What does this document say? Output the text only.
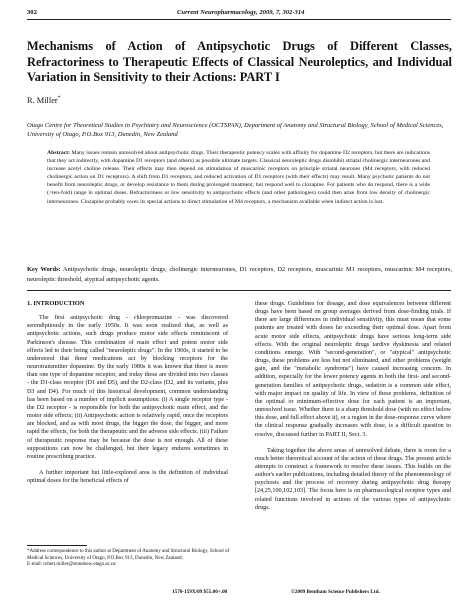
302	Current Neuropharmacology, 2009, 7, 302-314
Mechanisms of Action of Antipsychotic Drugs of Different Classes, Refractoriness to Therapeutic Effects of Classical Neuroleptics, and Individual Variation in Sensitivity to their Actions: PART I
R. Miller*
Otago Centre for Theoretical Studies in Psychiatry and Neuroscience (OCTSPAN), Department of Anatomy and Structural Biology, School of Medical Sciences, University of Otago, P.O.Box 913, Dunedin, New Zealand
Abstract: Many issues remain unresolved about antipsychotic drugs. Their therapeutic potency scales with affinity for dopamine D2 receptors, but there are indications that they act indirectly, with dopamine D1 receptors (and others) as possible ultimate targets. Classical neuroleptic drugs disinhibit striatal cholinergic interneurones and increase acetyl choline release. Their effects may then depend on stimulation of muscarinic receptors on principle striatal neurones (M4 receptors, with reduced cholinergic action on D1 receptors). A shift from D1 receptors, and reduced activation of D1 receptors (with their effects) may result. Many psychotic patients do not benefit from neuroleptic drugs, or develop resistance to them during prolonged treatment, but respond well to clozapine. For patients who do respond, there is a wide (>ten-fold) range in optimal doses. Refractoriness or low sensitivity to antipsychotic effects (and other pathologies) could then arise from low density of cholinergic interneurones. Clozapine probably owes its special actions to direct stimulation of M4 receptors, a mechanism available when indirect action is lost.
Key Words: Antipsychotic drugs, neuroleptic drugs, cholinergic interneurones, D1 receptors, D2 receptors, muscarinic M1 receptors, muscarinic M4 receptors, neuroleptic threshold, atypical antipsychotic agents.
1. INTRODUCTION

The first antipsychotic drug - chlorpromazine - was discovered serendipitously in the early 1950s. It was soon realized that, as well as antipsychotic actions, such drugs produce motor side effects reminiscent of Parkinson's disease. This combination of main effect and potent motor side effects led to their being called "neuroleptic drugs". In the 1960s, it started to be understood that these medications act by blocking receptors for the neurotransmitter dopamine. By the early 1980s it was known that there is more than one type of dopamine receptor, and today these are divided into two classes - the D1-class receptor (D1 and D5), and the D2-class (D2, and its variants, plus D3 and D4). For much of this historical development, common understanding has been based on a number of implicit assumptions: (i) A single receptor type - the D2 receptor - is responsible for both the antipsychotic main effect, and the motor side effects; (ii) Antipsychotic action is relatively rapid, once the receptors are blocked, and as with most drugs, the bigger the dose, the bigger, and more rapid the effects, for both the therapeutic and the adverse side effects. (iii) Failure of therapeutic response may be because the dose is not enough. All of these suppositions can now be challenged, but their legacy endures sometimes in routine prescribing practice.

A further important but little-explored area is the definition of individual optimal doses for the beneficial effects of

these drugs. Guidelines for dosage, and dose equivalences between different drugs have been based on group averages derived from dose-finding trials. If there are large differences in individual sensitivity, this must mean that some patients are treated with doses far exceeding their optimal dose. Apart from acute motor side effects, antipsychotic drugs have serious long-term side effects. With the original neuroleptic drugs tardive dyskinesia and related conditions emerge. With "second-generation", or "atypical" antipsychotic drugs, these problems are less but not eliminated, and other problems (weight gain, and the "metabolic syndrome") have caused increasing concern. In addition, especially for the lower potency agents in both the first- and second-generation families of antipsychotic drugs, sedation is a common side effect, with major impact on quality of life. In view of these problems, definition of the optimal or minimum-effective dose for each patient is an important, unresolved issue. Whether there is a sharp threshold dose (with no effect below this dose, and full effect above it), or a region in the dose-response curve where the clinical response gradually increases with dose, is a difficult question to resolve, discussed further in PART II, Sect. 3.

Taking together the above areas of unresolved debate, there is room for a much better theoretical account of the action of these drugs. The present article attempts to construct a framework to resolve these issues. This builds on the author's earlier publications, including detailed theory of the phenomenology of psychosis and the process of recovery during antipsychotic drug therapy [24,25,100,102,103]. The focus here is on pharmacological receptor types and related functions involved in actions of the various types of antipsychotic drugs.

*Address correspondence to this author at Department of Anatomy and Structural Biology, School of Medical Sciences, University of Otago, P.O.Box 913, Dunedin, New Zealand;
E-mail: robert.miller@stonebow.otago.ac.nz
1570-159X/09 $55.00+.00	©2009 Bentham Science Publishers Ltd.
